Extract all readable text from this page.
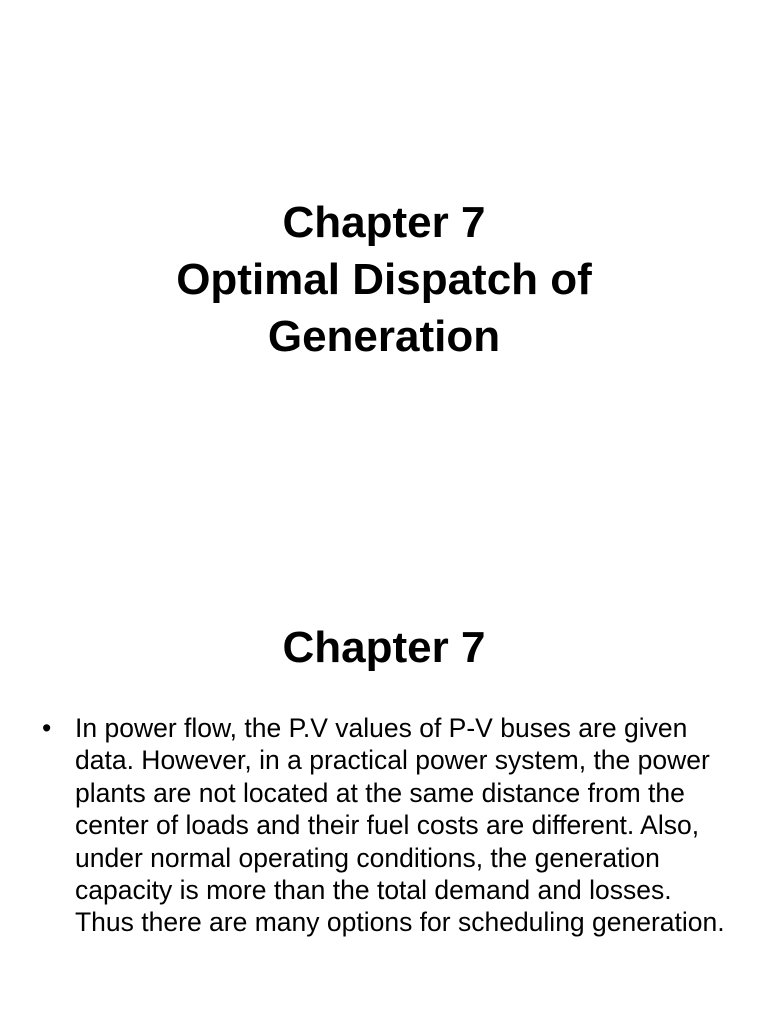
Chapter 7
Optimal Dispatch of
Generation
Chapter 7
• In power flow, the P.V values of P-V buses are given data. However, in a practical power system, the power plants are not located at the same distance from the center of loads and their fuel costs are different. Also, under normal operating conditions, the generation capacity is more than the total demand and losses. Thus there are many options for scheduling generation.
